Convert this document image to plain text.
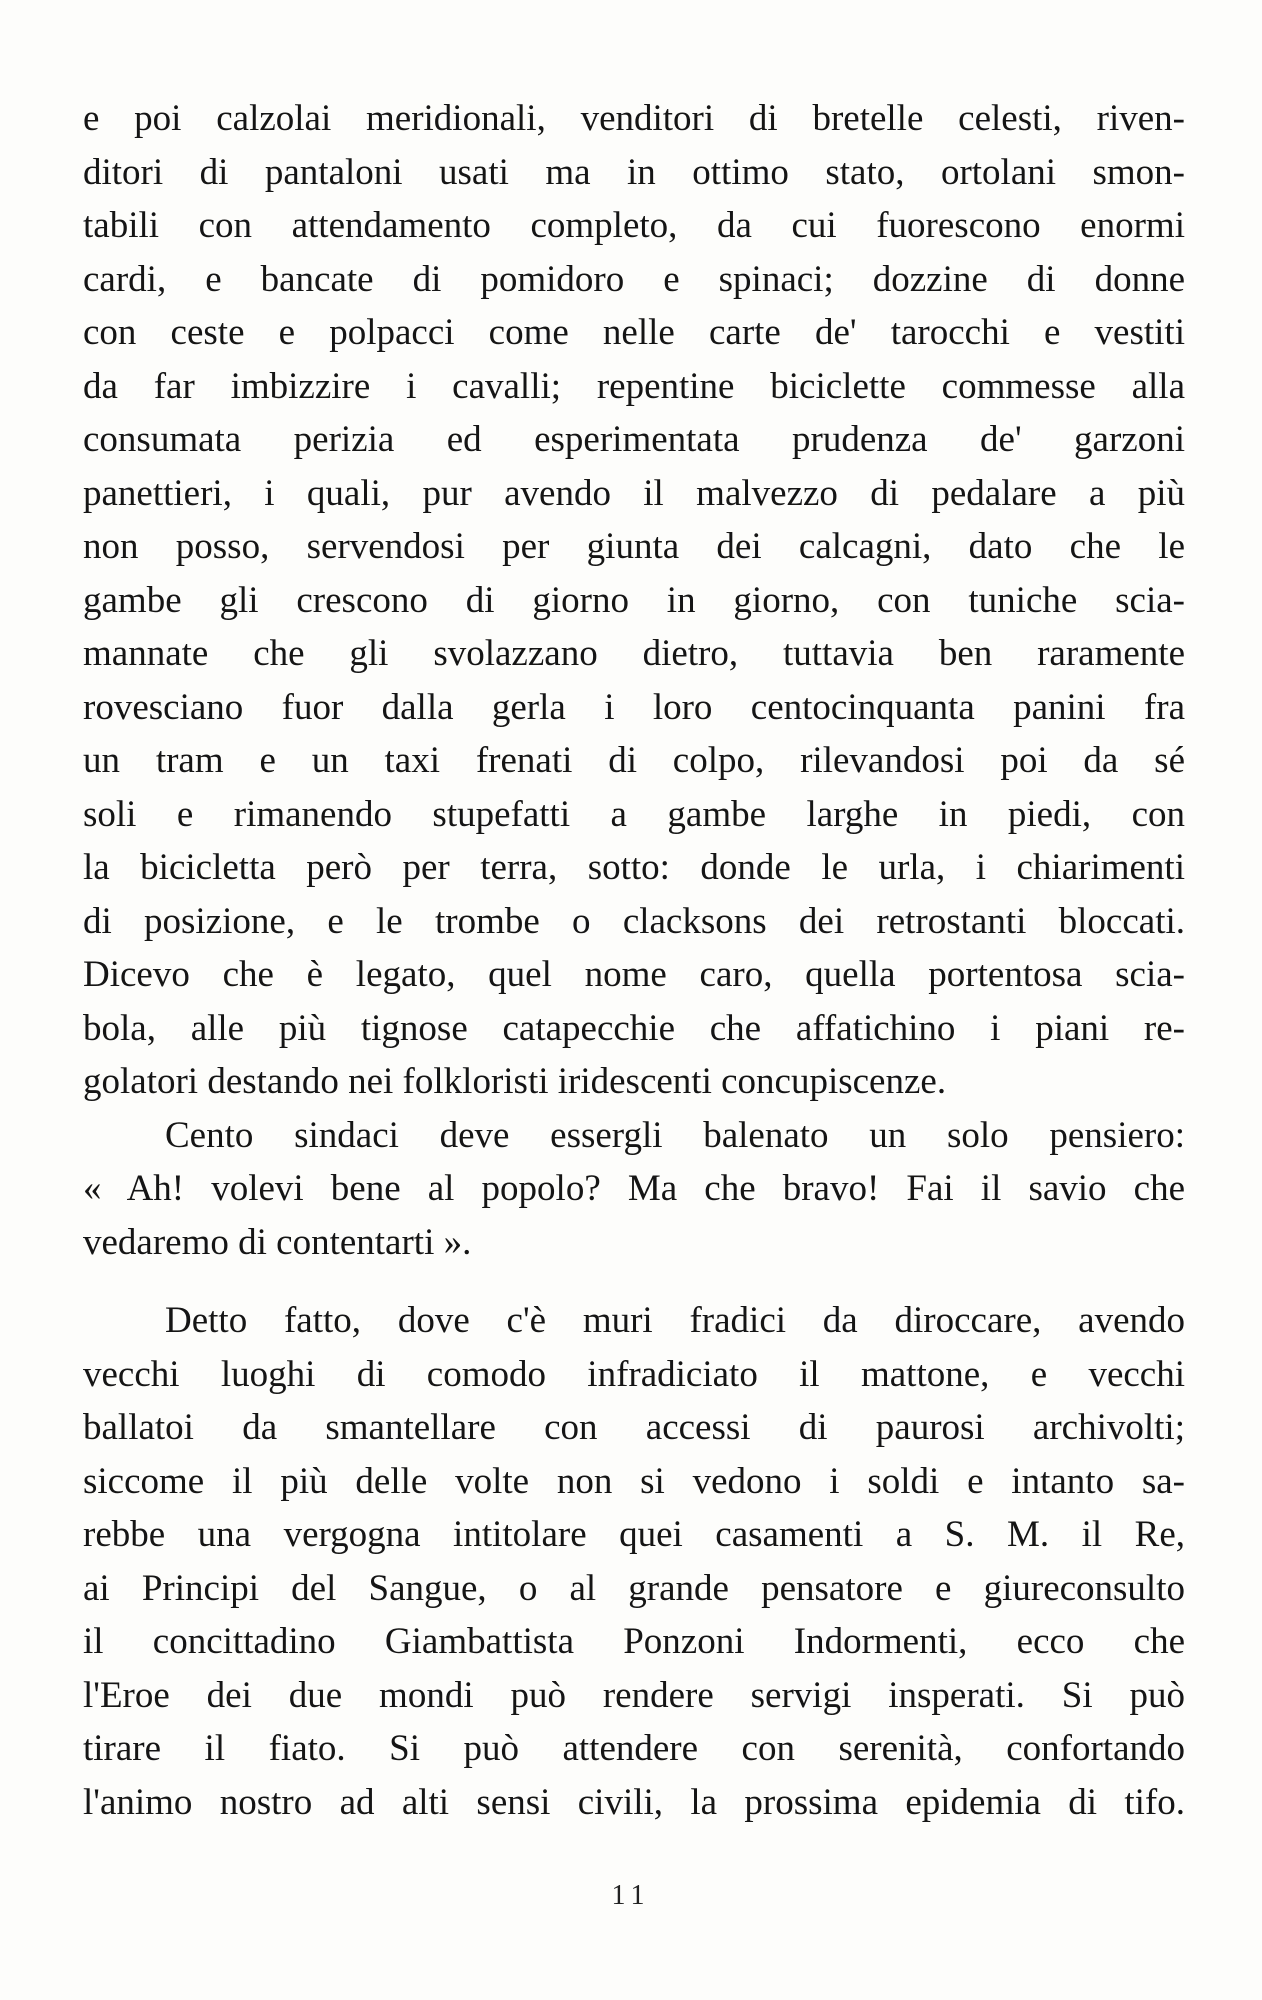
e poi calzolai meridionali, venditori di bretelle celesti, riven-
ditori di pantaloni usati ma in ottimo stato, ortolani smon-
tabili con attendamento completo, da cui fuorescono enormi
cardi, e bancate di pomidoro e spinaci; dozzine di donne
con ceste e polpacci come nelle carte de' tarocchi e vestiti
da far imbizzire i cavalli; repentine biciclette commesse alla
consumata perizia ed esperimentata prudenza de' garzoni
panettieri, i quali, pur avendo il malvezzo di pedalare a più
non posso, servendosi per giunta dei calcagni, dato che le
gambe gli crescono di giorno in giorno, con tuniche scia-
mannate che gli svolazzano dietro, tuttavia ben raramente
rovesciano fuor dalla gerla i loro centocinquanta panini fra
un tram e un taxi frenati di colpo, rilevandosi poi da sé
soli e rimanendo stupefatti a gambe larghe in piedi, con
la bicicletta però per terra, sotto: donde le urla, i chiarimenti
di posizione, e le trombe o clacksons dei retrostanti bloccati.
Dicevo che è legato, quel nome caro, quella portentosa scia-
bola, alle più tignose catapecchie che affatichino i piani re-
golatori destando nei folkloristi iridescenti concupiscenze.
Cento sindaci deve essergli balenato un solo pensiero:
« Ah! volevi bene al popolo? Ma che bravo! Fai il savio che
vedaremo di contentarti ».
Detto fatto, dove c'è muri fradici da diroccare, avendo
vecchi luoghi di comodo infradiciato il mattone, e vecchi
ballatoi da smantellare con accessi di paurosi archivolti;
siccome il più delle volte non si vedono i soldi e intanto sa-
rebbe una vergogna intitolare quei casamenti a S. M. il Re,
ai Principi del Sangue, o al grande pensatore e giureconsulto
il concittadino Giambattista Ponzoni Indormenti, ecco che
l'Eroe dei due mondi può rendere servigi insperati. Si può
tirare il fiato. Si può attendere con serenità, confortando
l'animo nostro ad alti sensi civili, la prossima epidemia di tifo.
11
